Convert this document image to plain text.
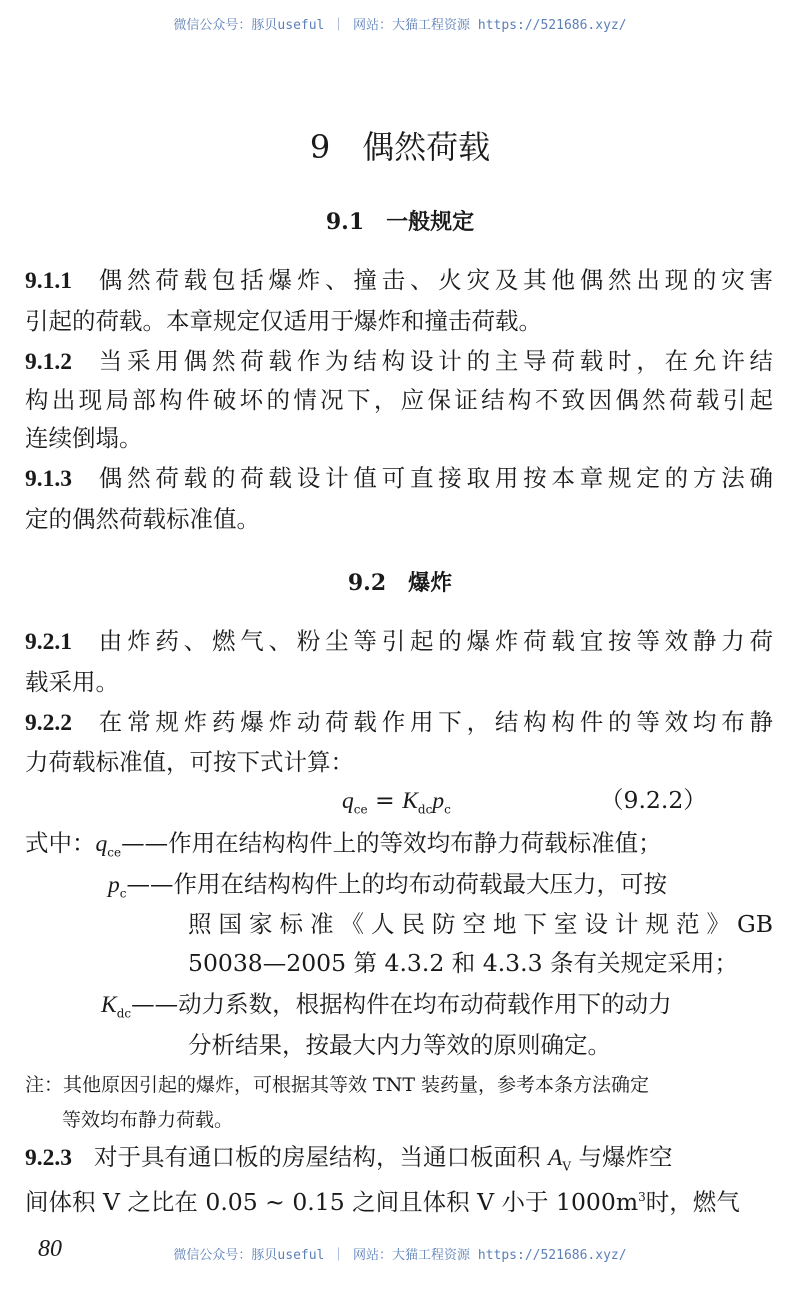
微信公众号：豚贝useful ｜ 网站：大猫工程资源 https://521686.xyz/
9　偶然荷载
9.1　一般规定
9.1.1 偶然荷载包括爆炸、撞击、火灾及其他偶然出现的灾害
引起的荷载。本章规定仅适用于爆炸和撞击荷载。
9.1.2 当采用偶然荷载作为结构设计的主导荷载时，在允许结
构出现局部构件破坏的情况下，应保证结构不致因偶然荷载引起
连续倒塌。
9.1.3 偶然荷载的荷载设计值可直接取用按本章规定的方法确
定的偶然荷载标准值。
9.2　爆炸
9.2.1 由炸药、燃气、粉尘等引起的爆炸荷载宜按等效静力荷
载采用。
9.2.2 在常规炸药爆炸动荷载作用下，结构构件的等效均布静
力荷载标准值，可按下式计算：
$q_{ce} = K_{dc}p_c$	（9.2.2）
式中：$q_{ce}——$作用在结构构件上的等效均布静力荷载标准值；
$p_c——$作用在结构构件上的均布动荷载最大压力，可按
照国家标准《人民防空地下室设计规范》GB
50038—2005 第 4.3.2 和 4.3.3 条有关规定采用；
$K_{dc}——$动力系数，根据构件在均布动荷载作用下的动力
分析结果，按最大内力等效的原则确定。
注：其他原因引起的爆炸，可根据其等效 TNT 装药量，参考本条方法确定
等效均布静力荷载。
9.2.3 对于具有通口板的房屋结构，当通口板面积 $A_V$ 与爆炸空
间体积 V 之比在 0.05 ~ 0.15 之间且体积 V 小于 $1000m^3$时，燃气
80	微信公众号：豚贝useful ｜ 网站：大猫工程资源 https://521686.xyz/
